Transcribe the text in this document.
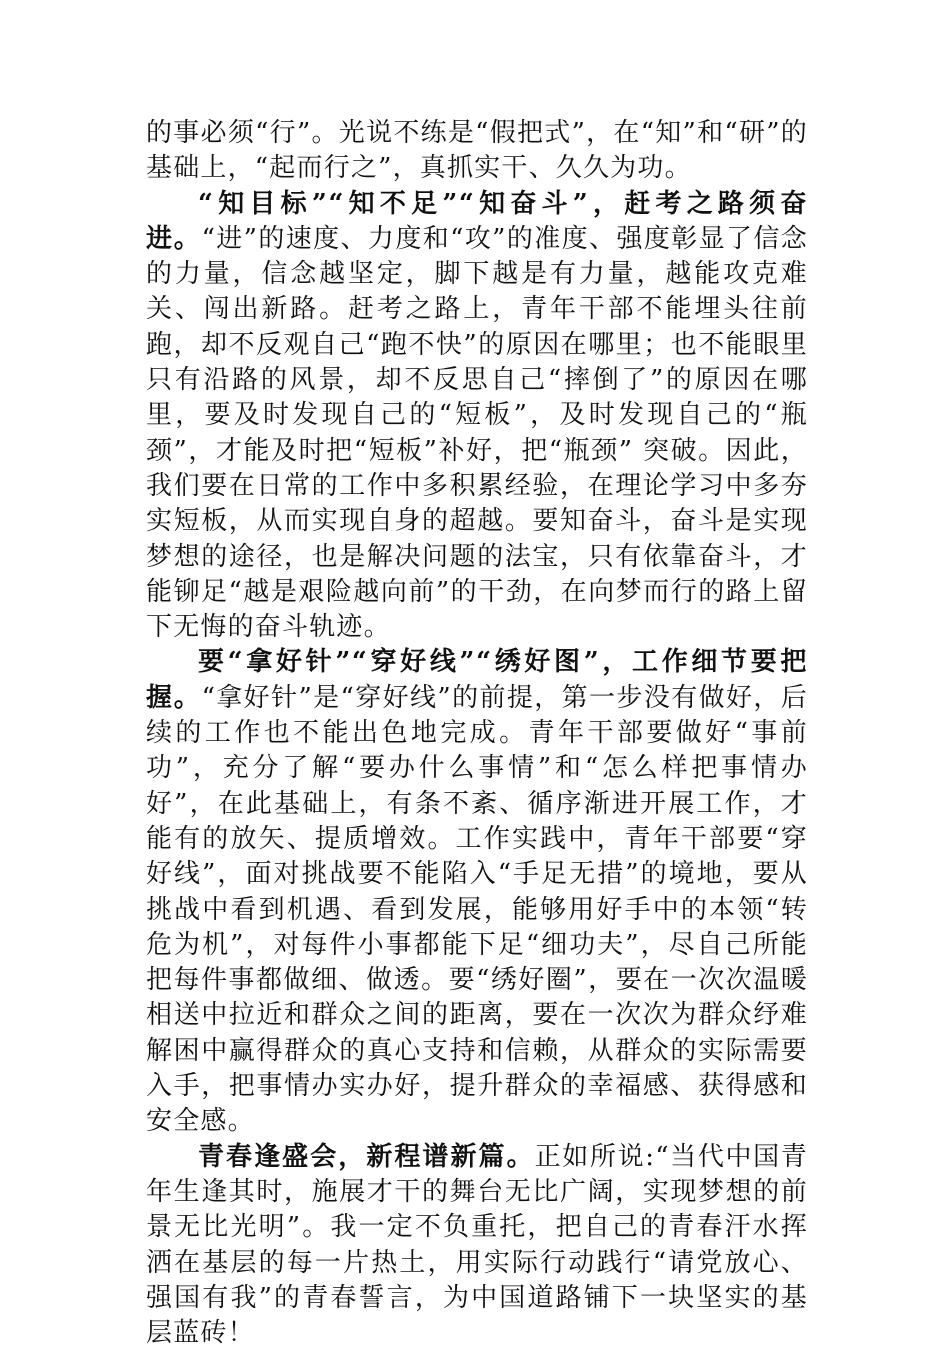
的事必须“行”。光说不练是“假把式”，在“知”和“研”的基础上，“起而行之”，真抓实干、久久为功。

“知目标”“知不足”“知奋斗”，赶考之路须奋进。“进”的速度、力度和“攻”的准度、强度彰显了信念的力量，信念越坚定，脚下越是有力量，越能攻克难关、闯出新路。赶考之路上，青年干部不能埋头往前跑，却不反观自己“跑不快”的原因在哪里；也不能眼里只有沿路的风景，却不反思自己“摔倒了”的原因在哪里，要及时发现自己的“短板”，及时发现自己的“瓶颈”，才能及时把“短板”补好，把“瓶颈” 突破。因此，我们要在日常的工作中多积累经验，在理论学习中多夯实短板，从而实现自身的超越。要知奋斗，奋斗是实现梦想的途径，也是解决问题的法宝，只有依靠奋斗，才能铆足“越是艰险越向前”的干劲，在向梦而行的路上留下无悔的奋斗轨迹。

要“拿好针”“穿好线”“绣好图”，工作细节要把握。“拿好针”是“穿好线”的前提，第一步没有做好，后续的工作也不能出色地完成。青年干部要做好“事前功”，充分了解“要办什么事情”和“怎么样把事情办好”，在此基础上，有条不紊、循序渐进开展工作，才能有的放矢、提质增效。工作实践中，青年干部要“穿好线”，面对挑战要不能陷入“手足无措”的境地，要从挑战中看到机遇、看到发展，能够用好手中的本领“转危为机”，对每件小事都能下足“细功夫”，尽自己所能把每件事都做细、做透。要“绣好圈”，要在一次次温暖相送中拉近和群众之间的距离，要在一次次为群众纾难解困中赢得群众的真心支持和信赖，从群众的实际需要入手，把事情办实办好，提升群众的幸福感、获得感和安全感。

青春逢盛会，新程谱新篇。正如所说:“当代中国青年生逢其时，施展才干的舞台无比广阔，实现梦想的前景无比光明”。我一定不负重托，把自己的青春汗水挥洒在基层的每一片热土，用实际行动践行“请党放心、强国有我”的青春誓言，为中国道路铺下一块坚实的基层蓝砖！
